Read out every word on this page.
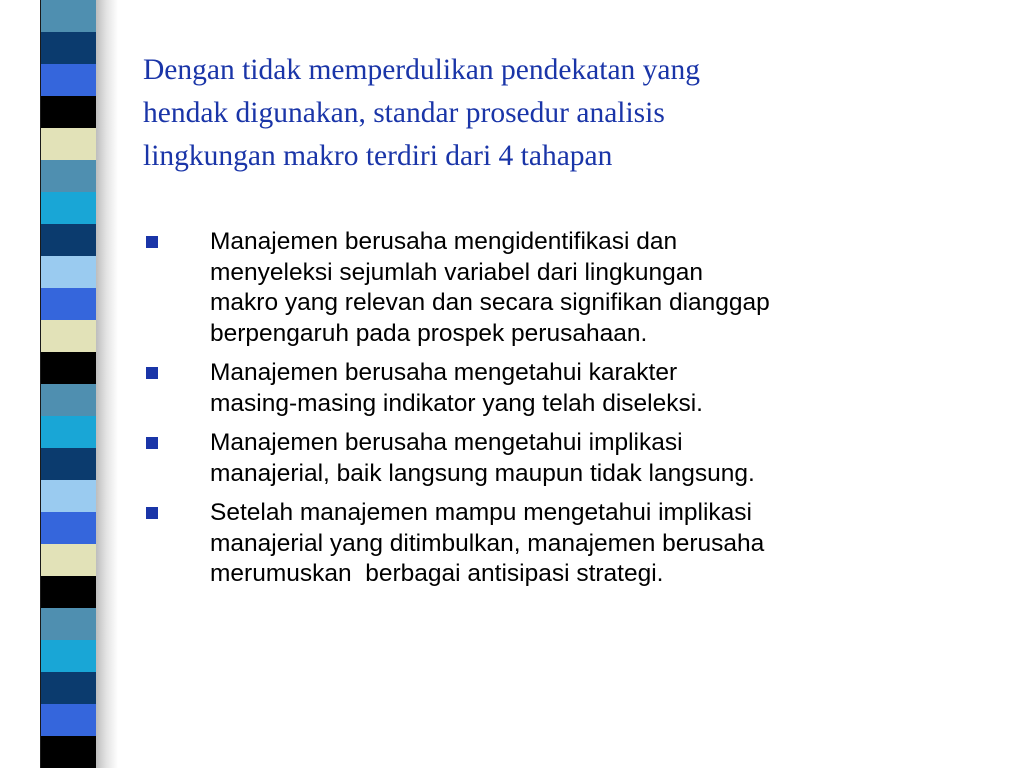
Dengan tidak memperdulikan pendekatan yang
hendak digunakan, standar prosedur analisis
lingkungan makro terdiri dari 4 tahapan
Manajemen berusaha mengidentifikasi dan
menyeleksi sejumlah variabel dari lingkungan
makro yang relevan dan secara signifikan dianggap
berpengaruh pada prospek perusahaan.
Manajemen berusaha mengetahui karakter
masing-masing indikator yang telah diseleksi.
Manajemen berusaha mengetahui implikasi
manajerial, baik langsung maupun tidak langsung.
Setelah manajemen mampu mengetahui implikasi
manajerial yang ditimbulkan, manajemen berusaha
merumuskan  berbagai antisipasi strategi.
